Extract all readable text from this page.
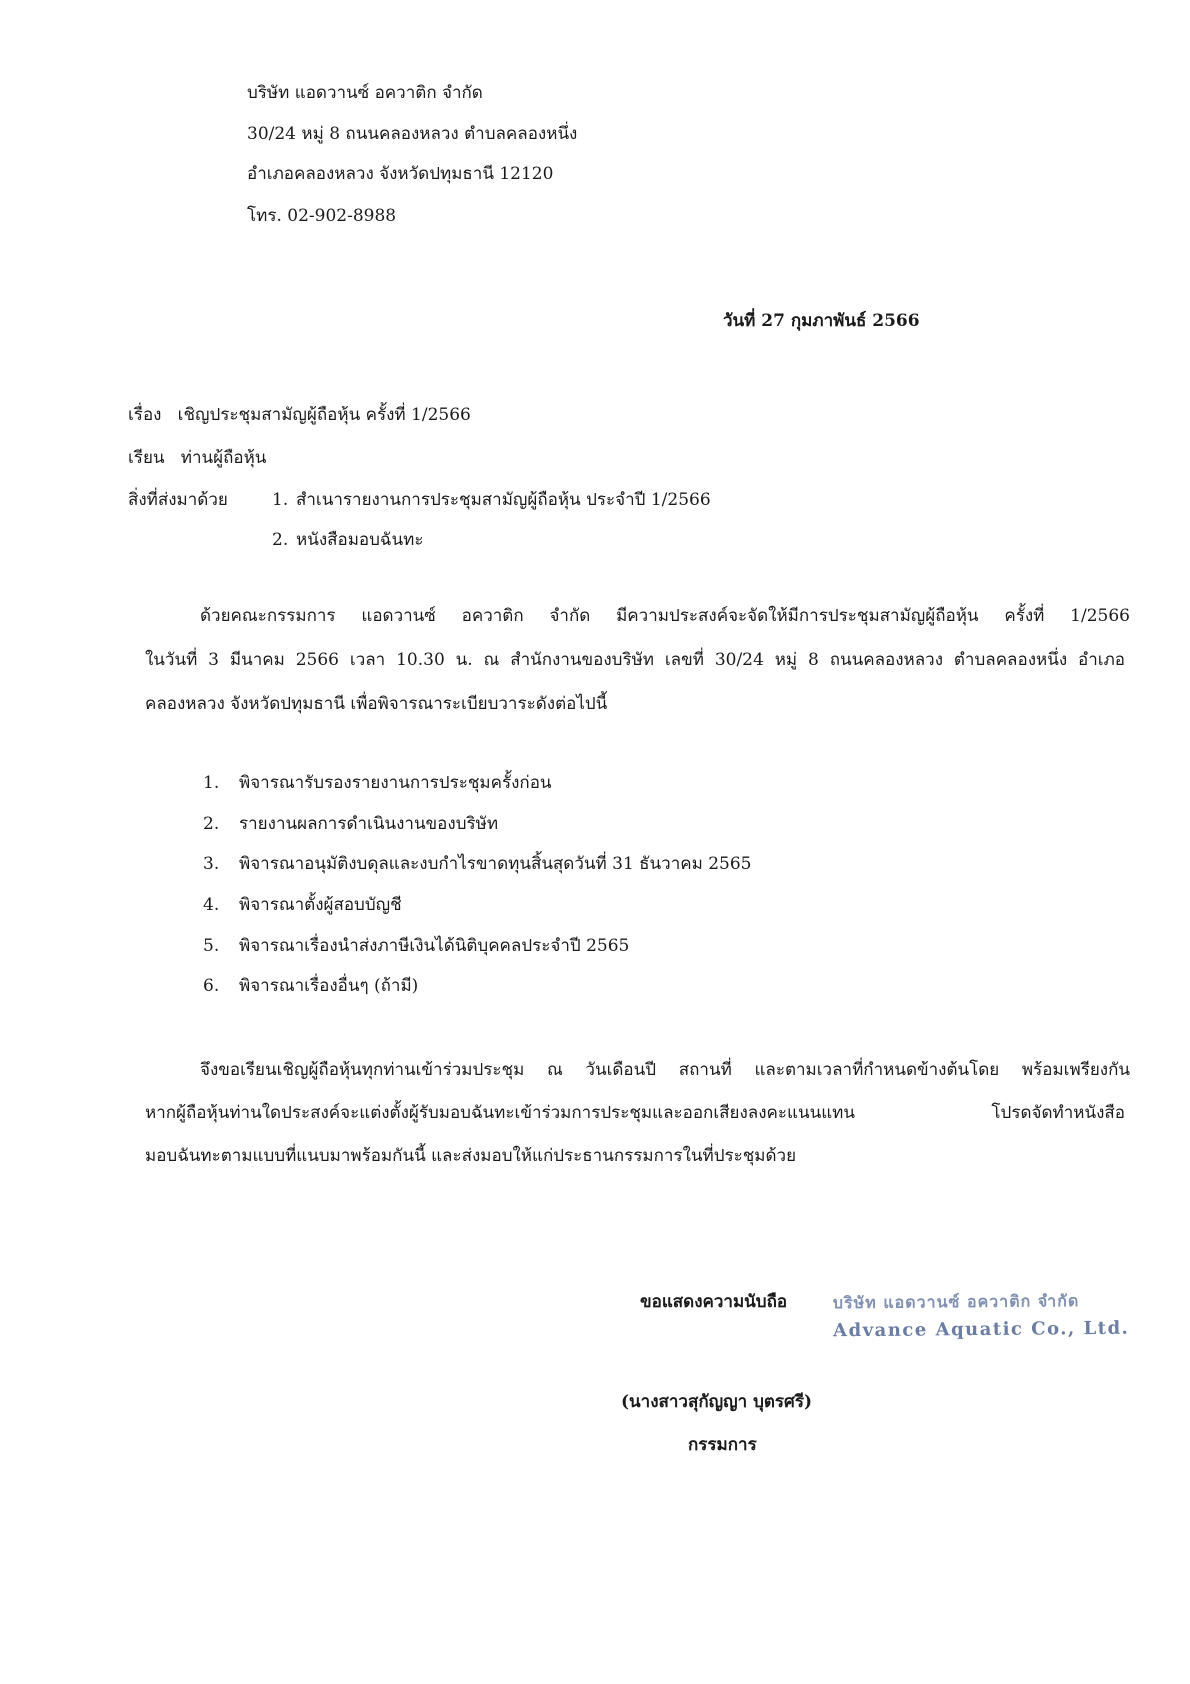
บริษัท แอดวานซ์ อควาติก จำกัด
30/24 หมู่ 8 ถนนคลองหลวง ตำบลคลองหนึ่ง
อำเภอคลองหลวง จังหวัดปทุมธานี 12120
โทร. 02-902-8988
วันที่ 27 กุมภาพันธ์ 2566
เรื่อง เชิญประชุมสามัญผู้ถือหุ้น ครั้งที่ 1/2566
เรียน ท่านผู้ถือหุ้น
สิ่งที่ส่งมาด้วย	1. สำเนารายงานการประชุมสามัญผู้ถือหุ้น ประจำปี 1/2566
2. หนังสือมอบฉันทะ
ด้วยคณะกรรมการ แอดวานซ์ อควาติก จำกัด มีความประสงค์จะจัดให้มีการประชุมสามัญผู้ถือหุ้น ครั้งที่ 1/2566
ในวันที่ 3 มีนาคม 2566 เวลา 10.30 น. ณ สำนักงานของบริษัท เลขที่ 30/24 หมู่ 8 ถนนคลองหลวง ตำบลคลองหนึ่ง อำเภอ
คลองหลวง จังหวัดปทุมธานี เพื่อพิจารณาระเบียบวาระดังต่อไปนี้
1. พิจารณารับรองรายงานการประชุมครั้งก่อน
2. รายงานผลการดำเนินงานของบริษัท
3. พิจารณาอนุมัติงบดุลและงบกำไรขาดทุนสิ้นสุดวันที่ 31 ธันวาคม 2565
4. พิจารณาตั้งผู้สอบบัญชี
5. พิจารณาเรื่องนำส่งภาษีเงินได้นิติบุคคลประจำปี 2565
6. พิจารณาเรื่องอื่นๆ (ถ้ามี)
จึงขอเรียนเชิญผู้ถือหุ้นทุกท่านเข้าร่วมประชุม ณ วันเดือนปี สถานที่ และตามเวลาที่กำหนดข้างต้นโดย พร้อมเพรียงกัน
หากผู้ถือหุ้นท่านใดประสงค์จะแต่งตั้งผู้รับมอบฉันทะเข้าร่วมการประชุมและออกเสียงลงคะแนนแทน โปรดจัดทำหนังสือ
มอบฉันทะตามแบบที่แนบมาพร้อมกันนี้ และส่งมอบให้แก่ประธานกรรมการในที่ประชุมด้วย
ขอแสดงความนับถือ
(นางสาวสุกัญญา บุตรศรี)
กรรมการ
บริษัท แอดวานซ์ อควาติก จำกัด
Advance Aquatic Co., Ltd.
